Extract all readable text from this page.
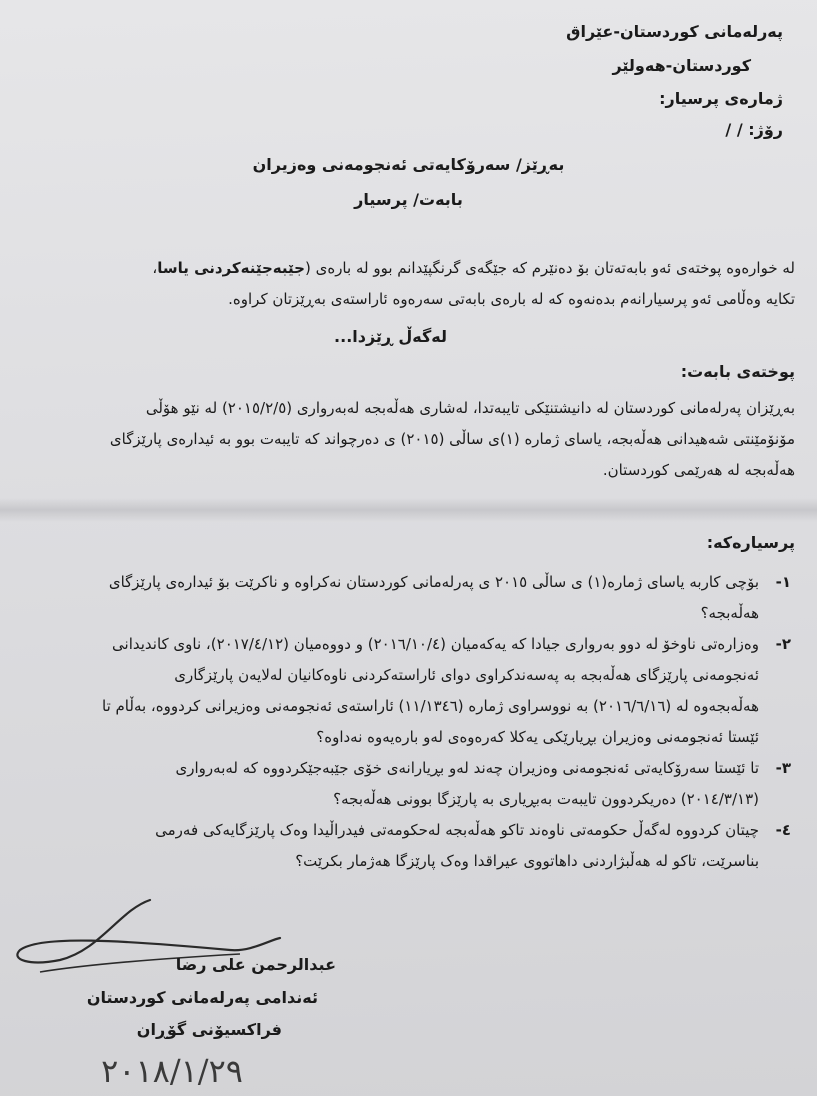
پەرلەمانی کوردستان-عێراق
کوردستان-هەولێر
ژمارەی پرسیار:
رۆژ: / /
بەڕێز/ سەرۆکایەتی ئەنجومەنی وەزیران
بابەت/ پرسیار

لە خوارەوە پوختەی ئەو بابەتەتان بۆ دەنێرم کە جێگەی گرنگپێدانم بوو لە بارەی (جێبەجێنەکردنی یاسا،

تکایە وەڵامی ئەو پرسیارانەم بدەنەوە کە لە بارەی بابەتی سەرەوە ئاراستەی بەڕێزتان کراوە.

لەگەڵ ڕێزدا...
پوختەی بابەت:

بەڕێزان پەرلەمانی کوردستان لە دانیشتنێکی تایبەتدا، لەشاری هەڵەبجە لەبەرواری (٢٠١٥/٢/٥) لە نێو هۆڵی

مۆنۆمێنتی شەهیدانی هەڵەبجە، یاسای ژمارە (١)ی ساڵی (٢٠١٥) ی دەرچواند کە تایبەت بوو بە ئیدارەی پارێزگای

هەڵەبجە لە هەرێمی کوردستان.

پرسیارەکە:
١-

بۆچی کاربە یاسای ژمارە(١) ی ساڵی ٢٠١٥ ی پەرلەمانی کوردستان نەکراوە و ناکرێت بۆ ئیدارەی پارێزگای

هەڵەبجە؟

٢-

وەزارەتی ناوخۆ لە دوو بەرواری جیادا کە یەکەمیان (٢٠١٦/١٠/٤) و دووەمیان (٢٠١٧/٤/١٢)، ناوی کاندیدانی

ئەنجومەنی پارێزگای هەڵەبجە بە پەسەندکراوی دوای ئاراستەکردنی ناوەکانیان لەلایەن پارێزگاری

هەڵەبجەوە لە (٢٠١٦/٦/١٦) بە نووسراوی ژمارە (١١/١٣٤٦) ئاراستەی ئەنجومەنی وەزیرانی کردووە، بەڵام تا

ئێستا ئەنجومەنی وەزیران بڕیارێکی یەکلا کەرەوەی لەو بارەیەوە نەداوە؟

٣-

تا ئێستا سەرۆکایەتی ئەنجومەنی وەزیران چەند لەو بڕیارانەی خۆی جێبەجێکردووە کە لەبەرواری

(٢٠١٤/٣/١٣) دەریکردوون تایبەت بەبڕیاری بە پارێزگا بوونی هەڵەبجە؟

٤-

چیتان کردووە لەگەڵ حکومەتی ناوەند تاکو هەڵەبجە لەحکومەتی فیدراڵیدا وەک پارێزگایەکی فەرمی

بناسرێت، تاکو لە هەڵبژاردنی داهاتووی عیراقدا وەک پارێزگا هەژمار بکرێت؟

عبدالرحمن علی رضا
ئەندامی پەرلەمانی کوردستان
فراکسیۆنی گۆڕان
٢٠١٨/١/٢٩
